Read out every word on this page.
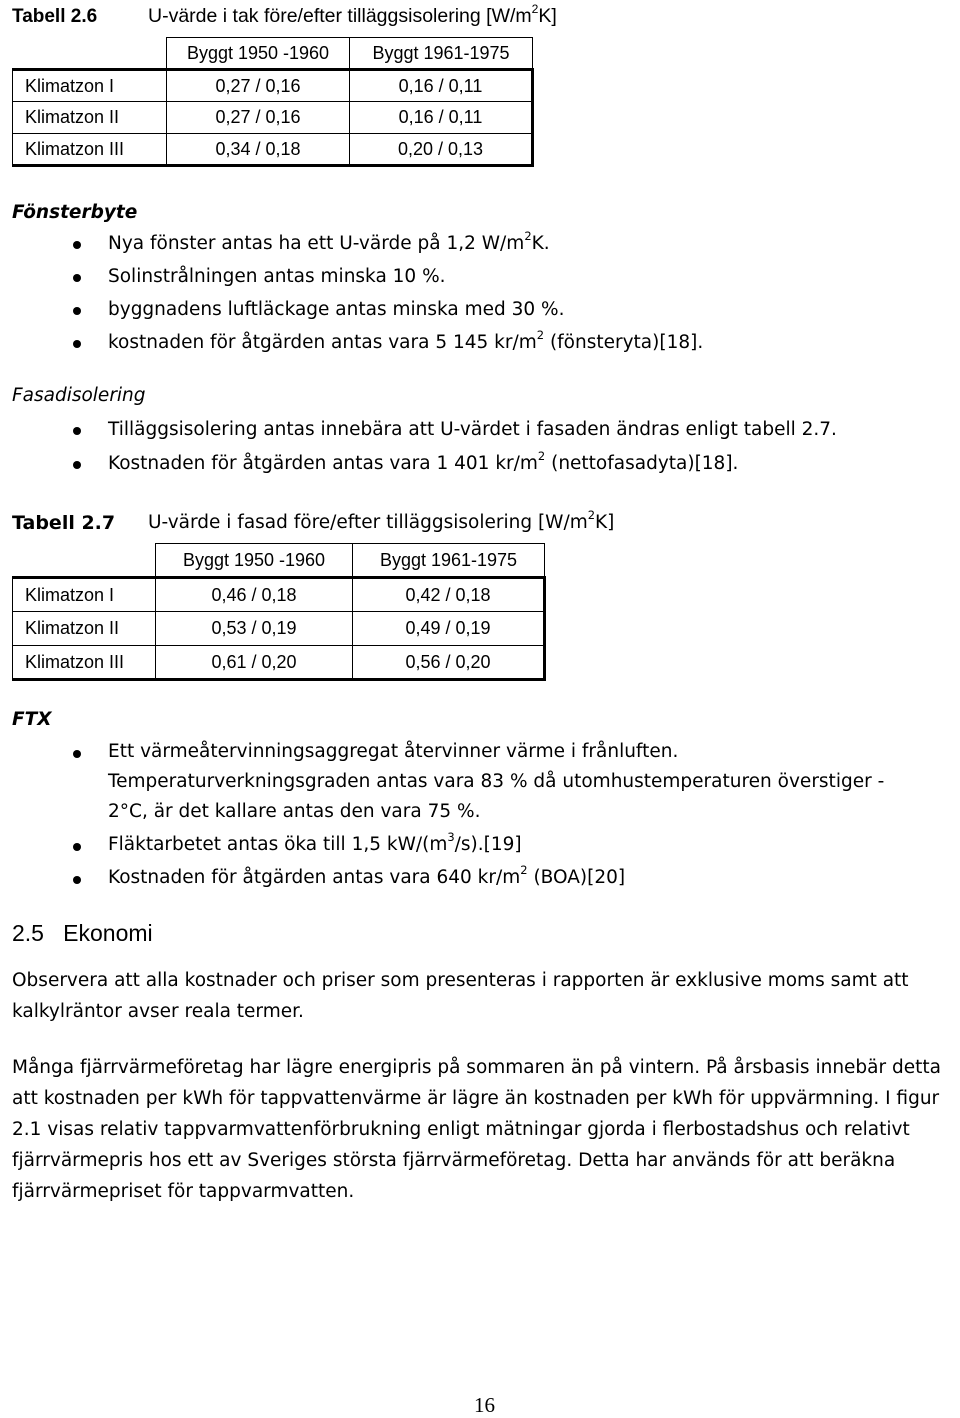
Tabell 2.6	U-värde i tak före/efter tilläggsisolering $[W/m^2K]$
	Byggt 1950 -1960	Byggt 1961-1975
Klimatzon I	0,27 / 0,16	0,16 / 0,11
Klimatzon II	0,27 / 0,16	0,16 / 0,11
Klimatzon III	0,34 / 0,18	0,20 / 0,13
Fönsterbyte
Nya fönster antas ha ett U-värde på 1,2 $W/m^2K$.
Solinstrålningen antas minska 10 %.
byggnadens luftläckage antas minska med 30 %.
kostnaden för åtgärden antas vara 5 145 $kr/m^2$ (fönsteryta)[18].
Fasadisolering
Tilläggsisolering antas innebära att U-värdet i fasaden ändras enligt tabell 2.7.
Kostnaden för åtgärden antas vara 1 401 $kr/m^2$ (nettofasadyta)[18].
Tabell 2.7 U-värde i fasad före/efter tilläggsisolering $[W/m^2K]$
	Byggt 1950 -1960	Byggt 1961-1975
Klimatzon I	0,46 / 0,18	0,42 / 0,18
Klimatzon II	0,53 / 0,19	0,49 / 0,19
Klimatzon III	0,61 / 0,20	0,56 / 0,20
FTX
Ett värmeåtervinningsaggregat återvinner värme i frånluften.
Temperaturverkningsgraden antas vara 83 % då utomhustemperaturen överstiger -
2°C, är det kallare antas den vara 75 %.
Fläktarbetet antas öka till 1,5 $kW/(m^3/s).[19]$
Kostnaden för åtgärden antas vara 640 $kr/m^2$ (BOA)[20]
2.5   Ekonomi
Observera att alla kostnader och priser som presenteras i rapporten är exklusive moms samt att kalkylräntor avser reala termer.
Många fjärrvärmeföretag har lägre energipris på sommaren än på vintern. På årsbasis innebär detta att kostnaden per kWh för tappvattenvärme är lägre än kostnaden per kWh för uppvärmning. I figur 2.1 visas relativ tappvarmvattenförbrukning enligt mätningar gjorda i flerbostadshus och relativt fjärrvärmepris hos ett av Sveriges största fjärrvärmeföretag. Detta har används för att beräkna fjärrvärmepriset för tappvarmvatten.
16
